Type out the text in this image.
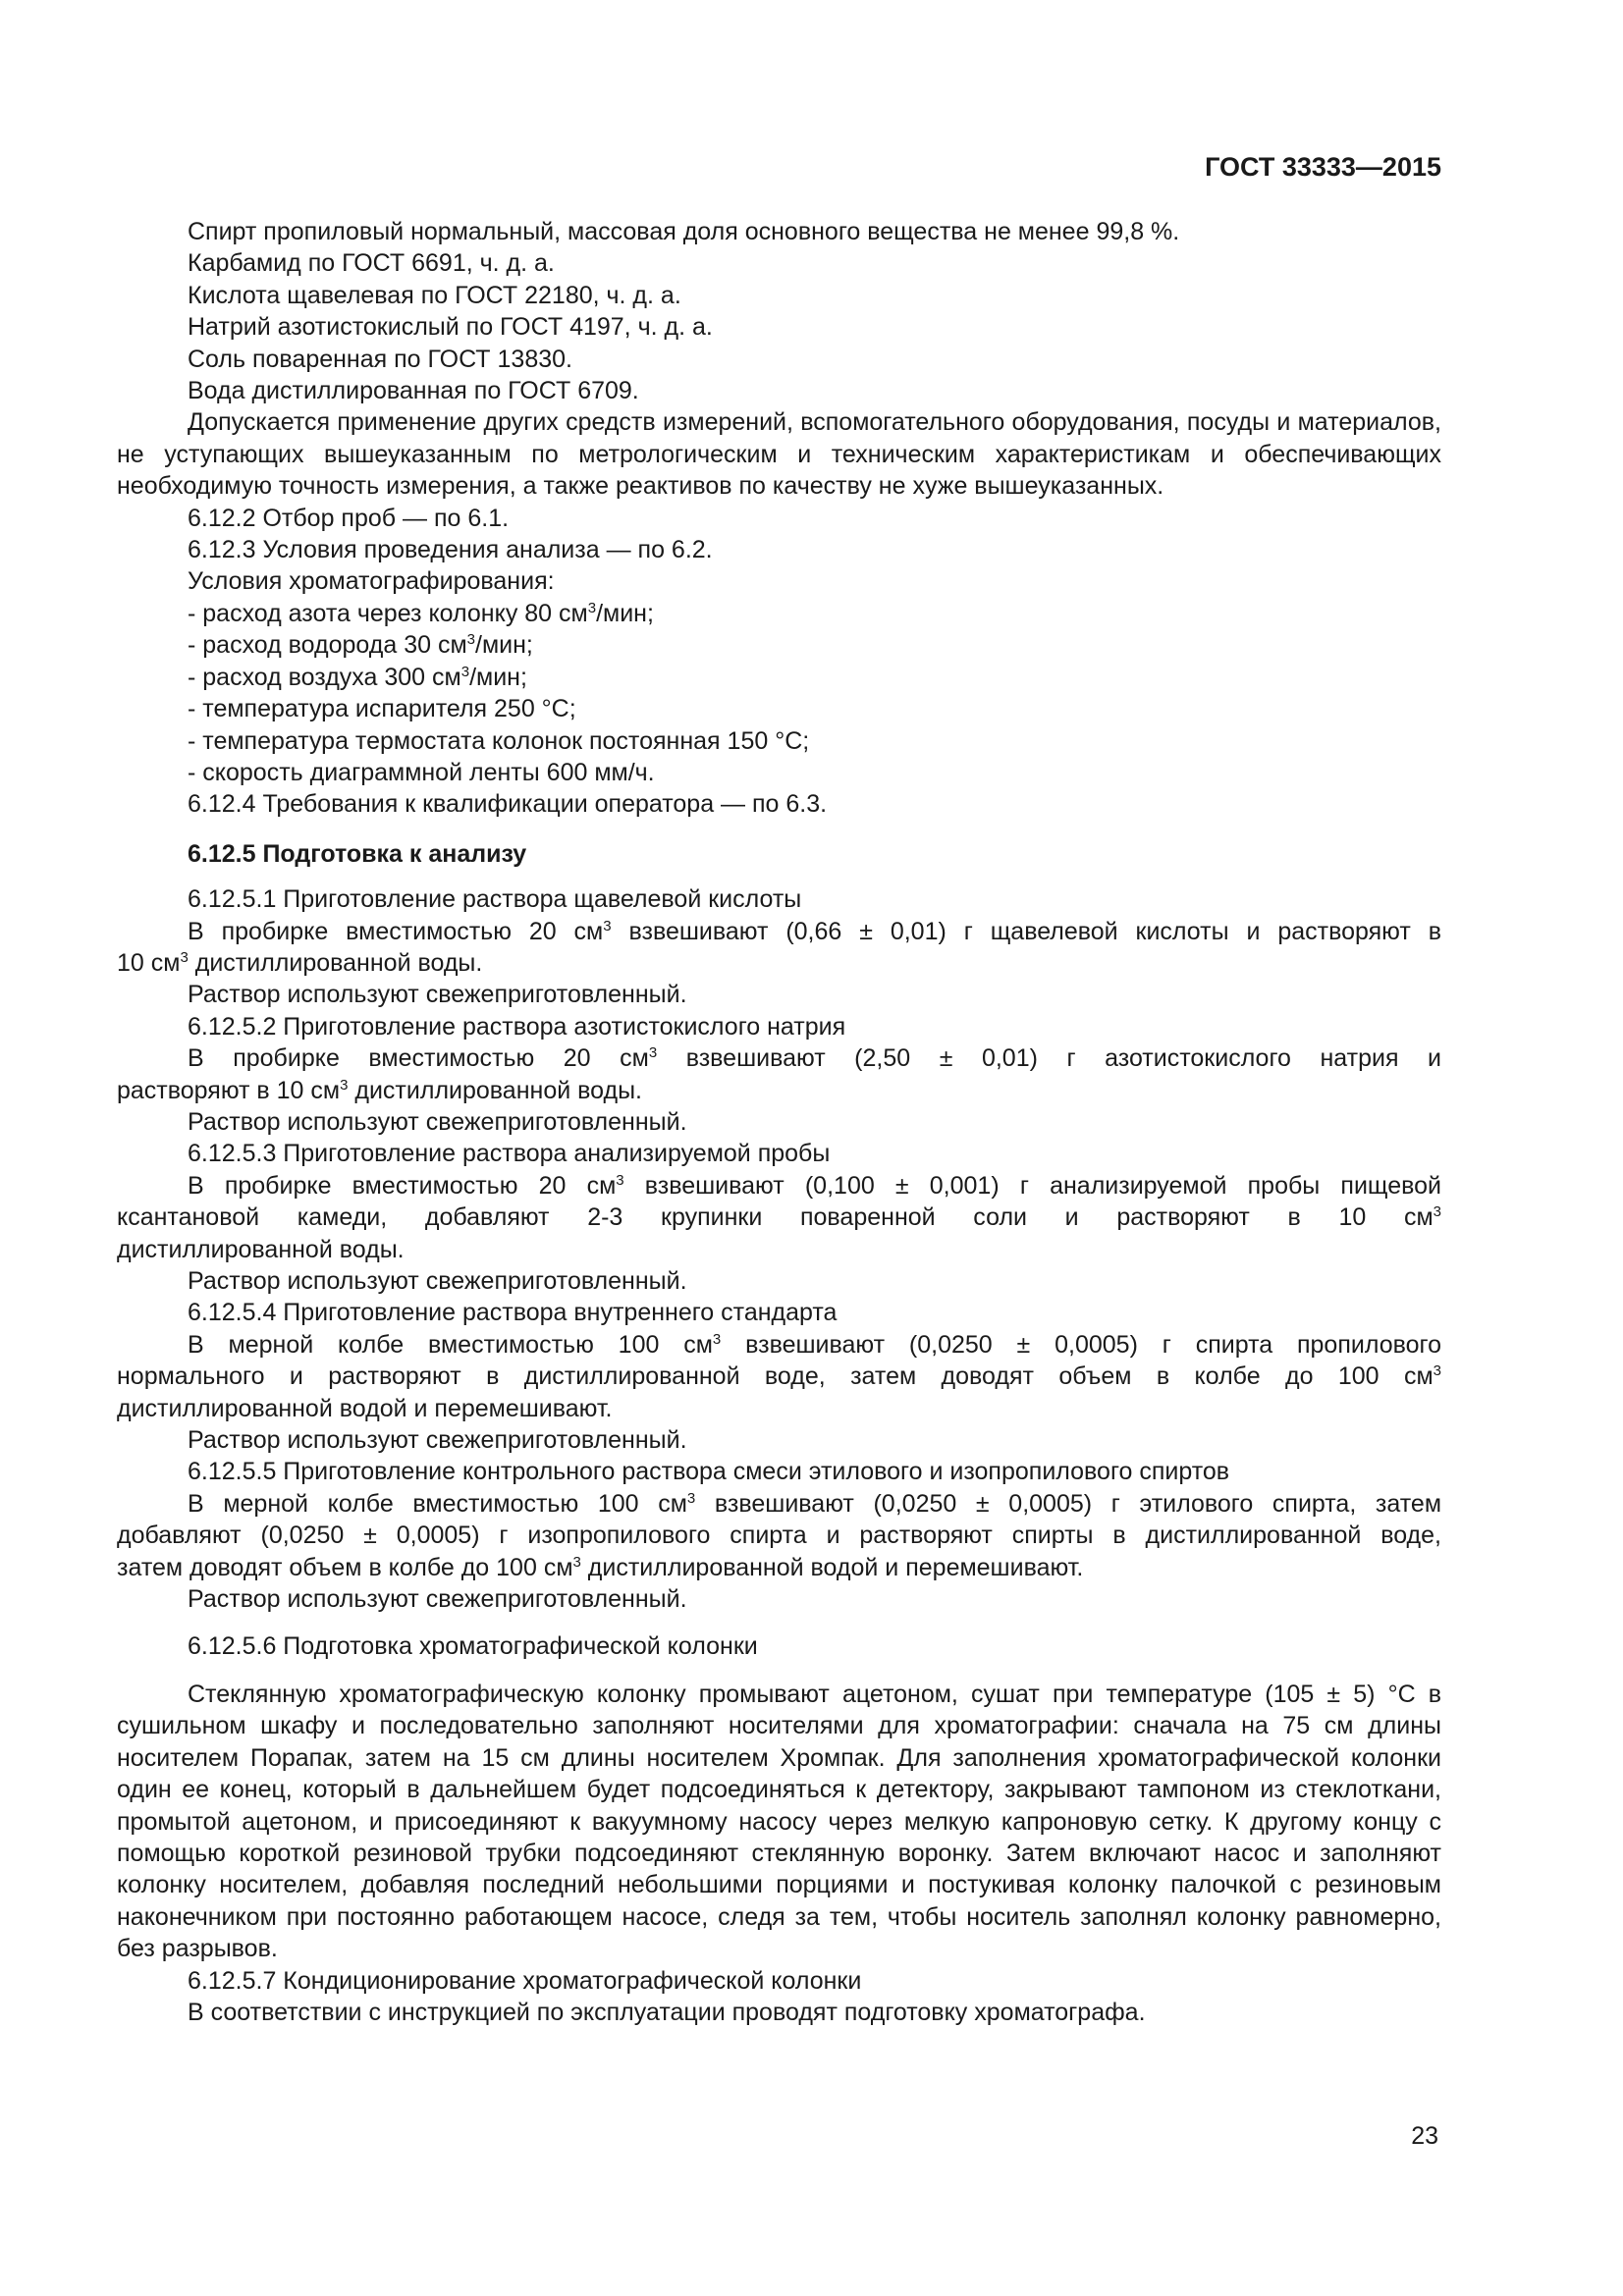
ГОСТ 33333—2015

Спирт пропиловый нормальный, массовая доля основного вещества не менее 99,8 %.

Карбамид по ГОСТ 6691, ч. д. а.

Кислота щавелевая по ГОСТ 22180, ч. д. а.

Натрий азотистокислый по ГОСТ 4197, ч. д. а.

Соль поваренная по ГОСТ 13830.

Вода дистиллированная по ГОСТ 6709.

Допускается применение других средств измерений, вспомогательного оборудования, посуды и материалов, не уступающих вышеуказанным по метрологическим и техническим характеристикам и обеспечивающих необходимую точность измерения, а также реактивов по качеству не хуже вышеуказанных.

6.12.2 Отбор проб — по 6.1.

6.12.3 Условия проведения анализа — по 6.2.

Условия хроматографирования:

- расход азота через колонку 80 $см^3$/мин;

- расход водорода 30 $см^3$/мин;

- расход воздуха 300 $см^3$/мин;

- температура испарителя 250 °С;

- температура термостата колонок постоянная 150 °С;

- скорость диаграммной ленты 600 мм/ч.

6.12.4 Требования к квалификации оператора — по 6.3.

6.12.5 Подготовка к анализу

6.12.5.1 Приготовление раствора щавелевой кислоты

В пробирке вместимостью 20 $см^3$ взвешивают (0,66 ± 0,01) г щавелевой кислоты и растворяют в

10 $см^3$ дистиллированной воды.

Раствор используют свежеприготовленный.

6.12.5.2 Приготовление раствора азотистокислого натрия

В пробирке вместимостью 20 $см^3$ взвешивают (2,50 ± 0,01) г азотистокислого натрия и

растворяют в 10 $см^3$ дистиллированной воды.

Раствор используют свежеприготовленный.

6.12.5.3 Приготовление раствора анализируемой пробы

В пробирке вместимостью 20 $см^3$ взвешивают (0,100 ± 0,001) г анализируемой пробы пищевой

ксантановой камеди, добавляют 2-3 крупинки поваренной соли и растворяют в 10 $см^3$

дистиллированной воды.

Раствор используют свежеприготовленный.

6.12.5.4 Приготовление раствора внутреннего стандарта

В мерной колбе вместимостью 100 $см^3$ взвешивают (0,0250 ± 0,0005) г спирта пропилового

нормального и растворяют в дистиллированной воде, затем доводят объем в колбе до 100 $см^3$

дистиллированной водой и перемешивают.

Раствор используют свежеприготовленный.

6.12.5.5 Приготовление контрольного раствора смеси этилового и изопропилового спиртов

В мерной колбе вместимостью 100 $см^3$ взвешивают (0,0250 ± 0,0005) г этилового спирта, затем

добавляют (0,0250 ± 0,0005) г изопропилового спирта и растворяют спирты в дистиллированной воде,

затем доводят объем в колбе до 100 $см^3$ дистиллированной водой и перемешивают.

Раствор используют свежеприготовленный.

6.12.5.6 Подготовка хроматографической колонки

Стеклянную хроматографическую колонку промывают ацетоном, сушат при температуре (105 ± 5) °С в сушильном шкафу и последовательно заполняют носителями для хроматографии: сначала на 75 см длины носителем Порапак, затем на 15 см длины носителем Хромпак. Для заполнения хроматографической колонки один ее конец, который в дальнейшем будет подсоединяться к детектору, закрывают тампоном из стеклоткани, промытой ацетоном, и присоединяют к вакуумному насосу через мелкую капроновую сетку. К другому концу с помощью короткой резиновой трубки подсоединяют стеклянную воронку. Затем включают насос и заполняют колонку носителем, добавляя последний небольшими порциями и постукивая колонку палочкой с резиновым наконечником при постоянно работающем насосе, следя за тем, чтобы носитель заполнял колонку равномерно, без разрывов.

6.12.5.7 Кондиционирование хроматографической колонки

В соответствии с инструкцией по эксплуатации проводят подготовку хроматографа.

23
